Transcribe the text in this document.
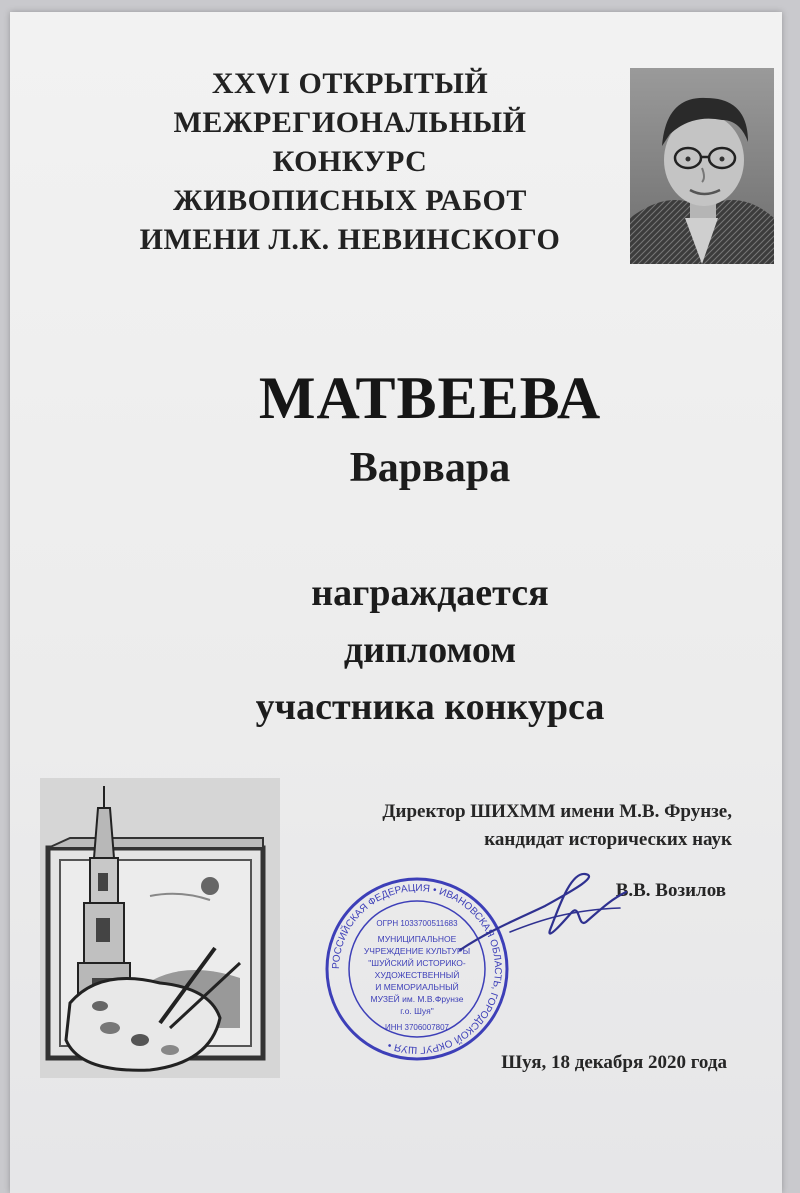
XXVI ОТКРЫТЫЙ
МЕЖРЕГИОНАЛЬНЫЙ
КОНКУРС
ЖИВОПИСНЫХ РАБОТ
ИМЕНИ Л.К. НЕВИНСКОГО
МАТВЕЕВА
Варвара
награждается
дипломом
участника конкурса
Директор ШИХММ имени М.В. Фрунзе,
кандидат исторических наук
В.В. Возилов
РОССИЙСКАЯ ФЕДЕРАЦИЯ • ИВАНОВСКАЯ ОБЛАСТЬ, ГОРОДСКОЙ ОКРУГ ШУЯ •
ОГРН 1033700511683
МУНИЦИПАЛЬНОЕ
УЧРЕЖДЕНИЕ КУЛЬТУРЫ
"ШУЙСКИЙ ИСТОРИКО-
ХУДОЖЕСТВЕННЫЙ
И МЕМОРИАЛЬНЫЙ
МУЗЕЙ им. М.В.Фрунзе
г.о. Шуя"
ИНН 3706007807
Шуя, 18 декабря 2020 года
